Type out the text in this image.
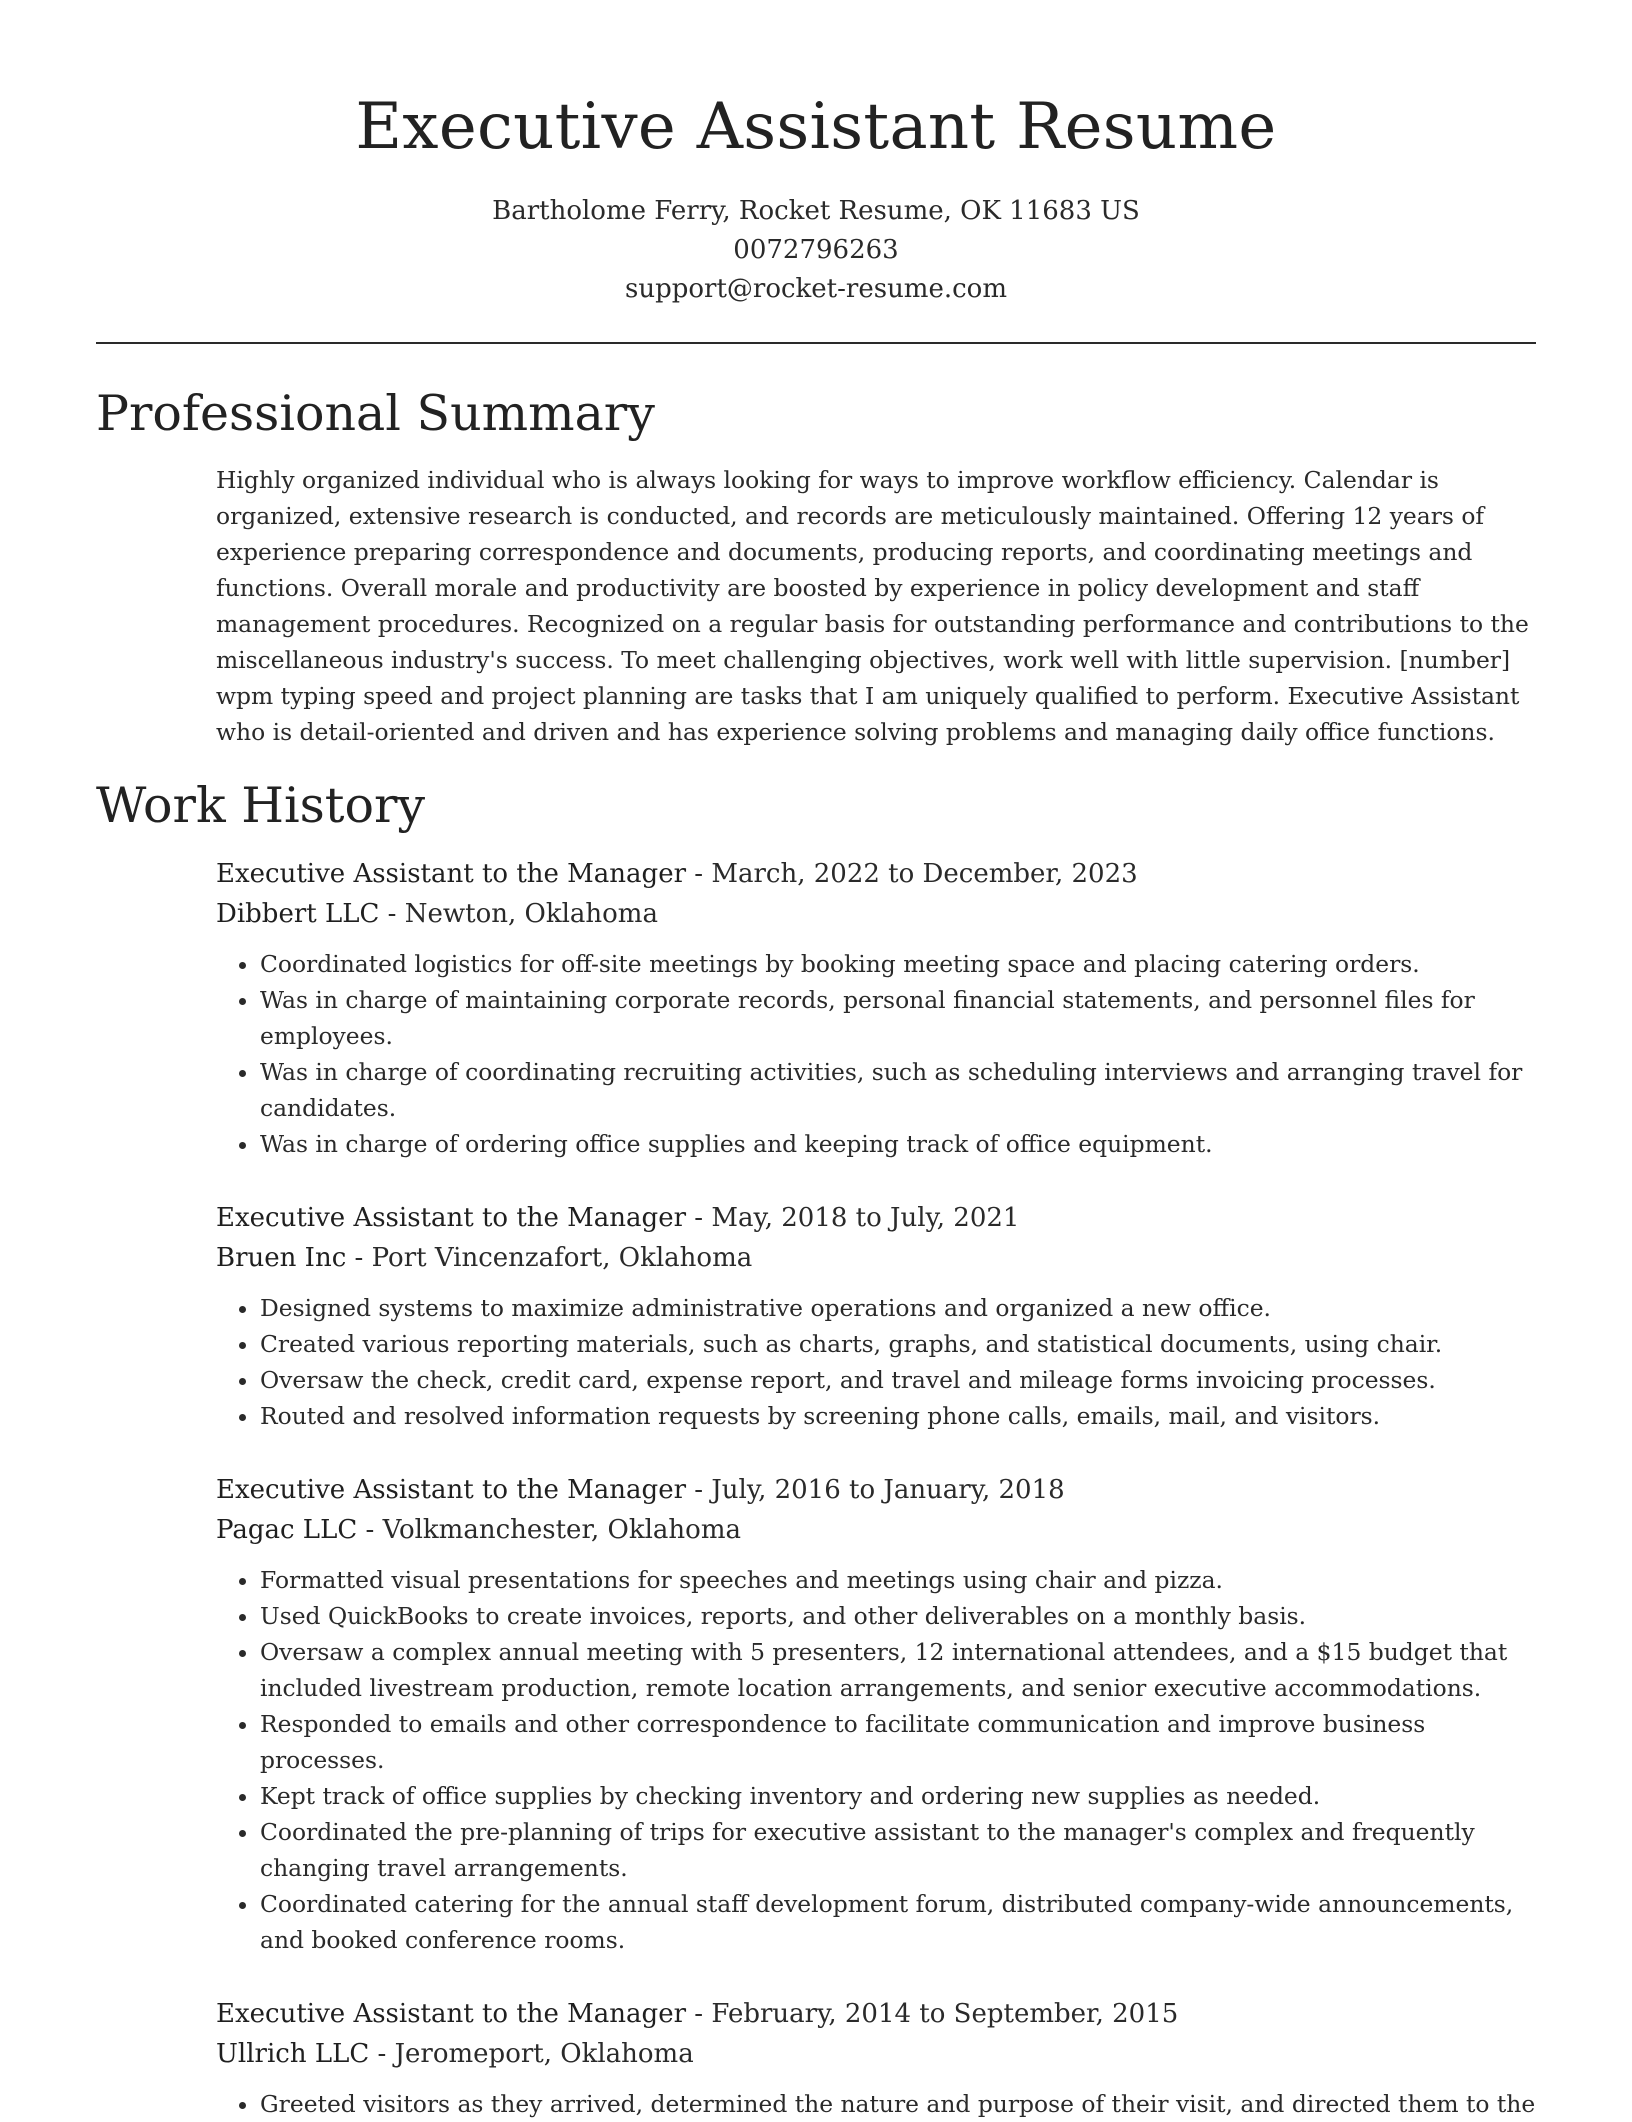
Executive Assistant Resume
Bartholome Ferry, Rocket Resume, OK 11683 US
0072796263
support@rocket-resume.com
Professional Summary

Highly organized individual who is always looking for ways to improve workflow efficiency. Calendar is organized, extensive research is conducted, and records are meticulously maintained. Offering 12 years of experience preparing correspondence and documents, producing reports, and coordinating meetings and functions. Overall morale and productivity are boosted by experience in policy development and staff management procedures. Recognized on a regular basis for outstanding performance and contributions to the miscellaneous industry's success. To meet challenging objectives, work well with little supervision. [number] wpm typing speed and project planning are tasks that I am uniquely qualified to perform. Executive Assistant who is detail-oriented and driven and has experience solving problems and managing daily office functions.

Work History
Executive Assistant to the Manager - March, 2022 to December, 2023
Dibbert LLC - Newton, Oklahoma
• Coordinated logistics for off-site meetings by booking meeting space and placing catering orders.
• Was in charge of maintaining corporate records, personal financial statements, and personnel files for employees.
• Was in charge of coordinating recruiting activities, such as scheduling interviews and arranging travel for candidates.
• Was in charge of ordering office supplies and keeping track of office equipment.
Executive Assistant to the Manager - May, 2018 to July, 2021
Bruen Inc - Port Vincenzafort, Oklahoma
• Designed systems to maximize administrative operations and organized a new office.
• Created various reporting materials, such as charts, graphs, and statistical documents, using chair.
• Oversaw the check, credit card, expense report, and travel and mileage forms invoicing processes.
• Routed and resolved information requests by screening phone calls, emails, mail, and visitors.
Executive Assistant to the Manager - July, 2016 to January, 2018
Pagac LLC - Volkmanchester, Oklahoma
• Formatted visual presentations for speeches and meetings using chair and pizza.
• Used QuickBooks to create invoices, reports, and other deliverables on a monthly basis.
• Oversaw a complex annual meeting with 5 presenters, 12 international attendees, and a $15 budget that included livestream production, remote location arrangements, and senior executive accommodations.
• Responded to emails and other correspondence to facilitate communication and improve business processes.
• Kept track of office supplies by checking inventory and ordering new supplies as needed.
• Coordinated the pre-planning of trips for executive assistant to the manager's complex and frequently changing travel arrangements.
• Coordinated catering for the annual staff development forum, distributed company-wide announcements, and booked conference rooms.
Executive Assistant to the Manager - February, 2014 to September, 2015
Ullrich LLC - Jeromeport, Oklahoma
• Greeted visitors as they arrived, determined the nature and purpose of their visit, and directed them to the
